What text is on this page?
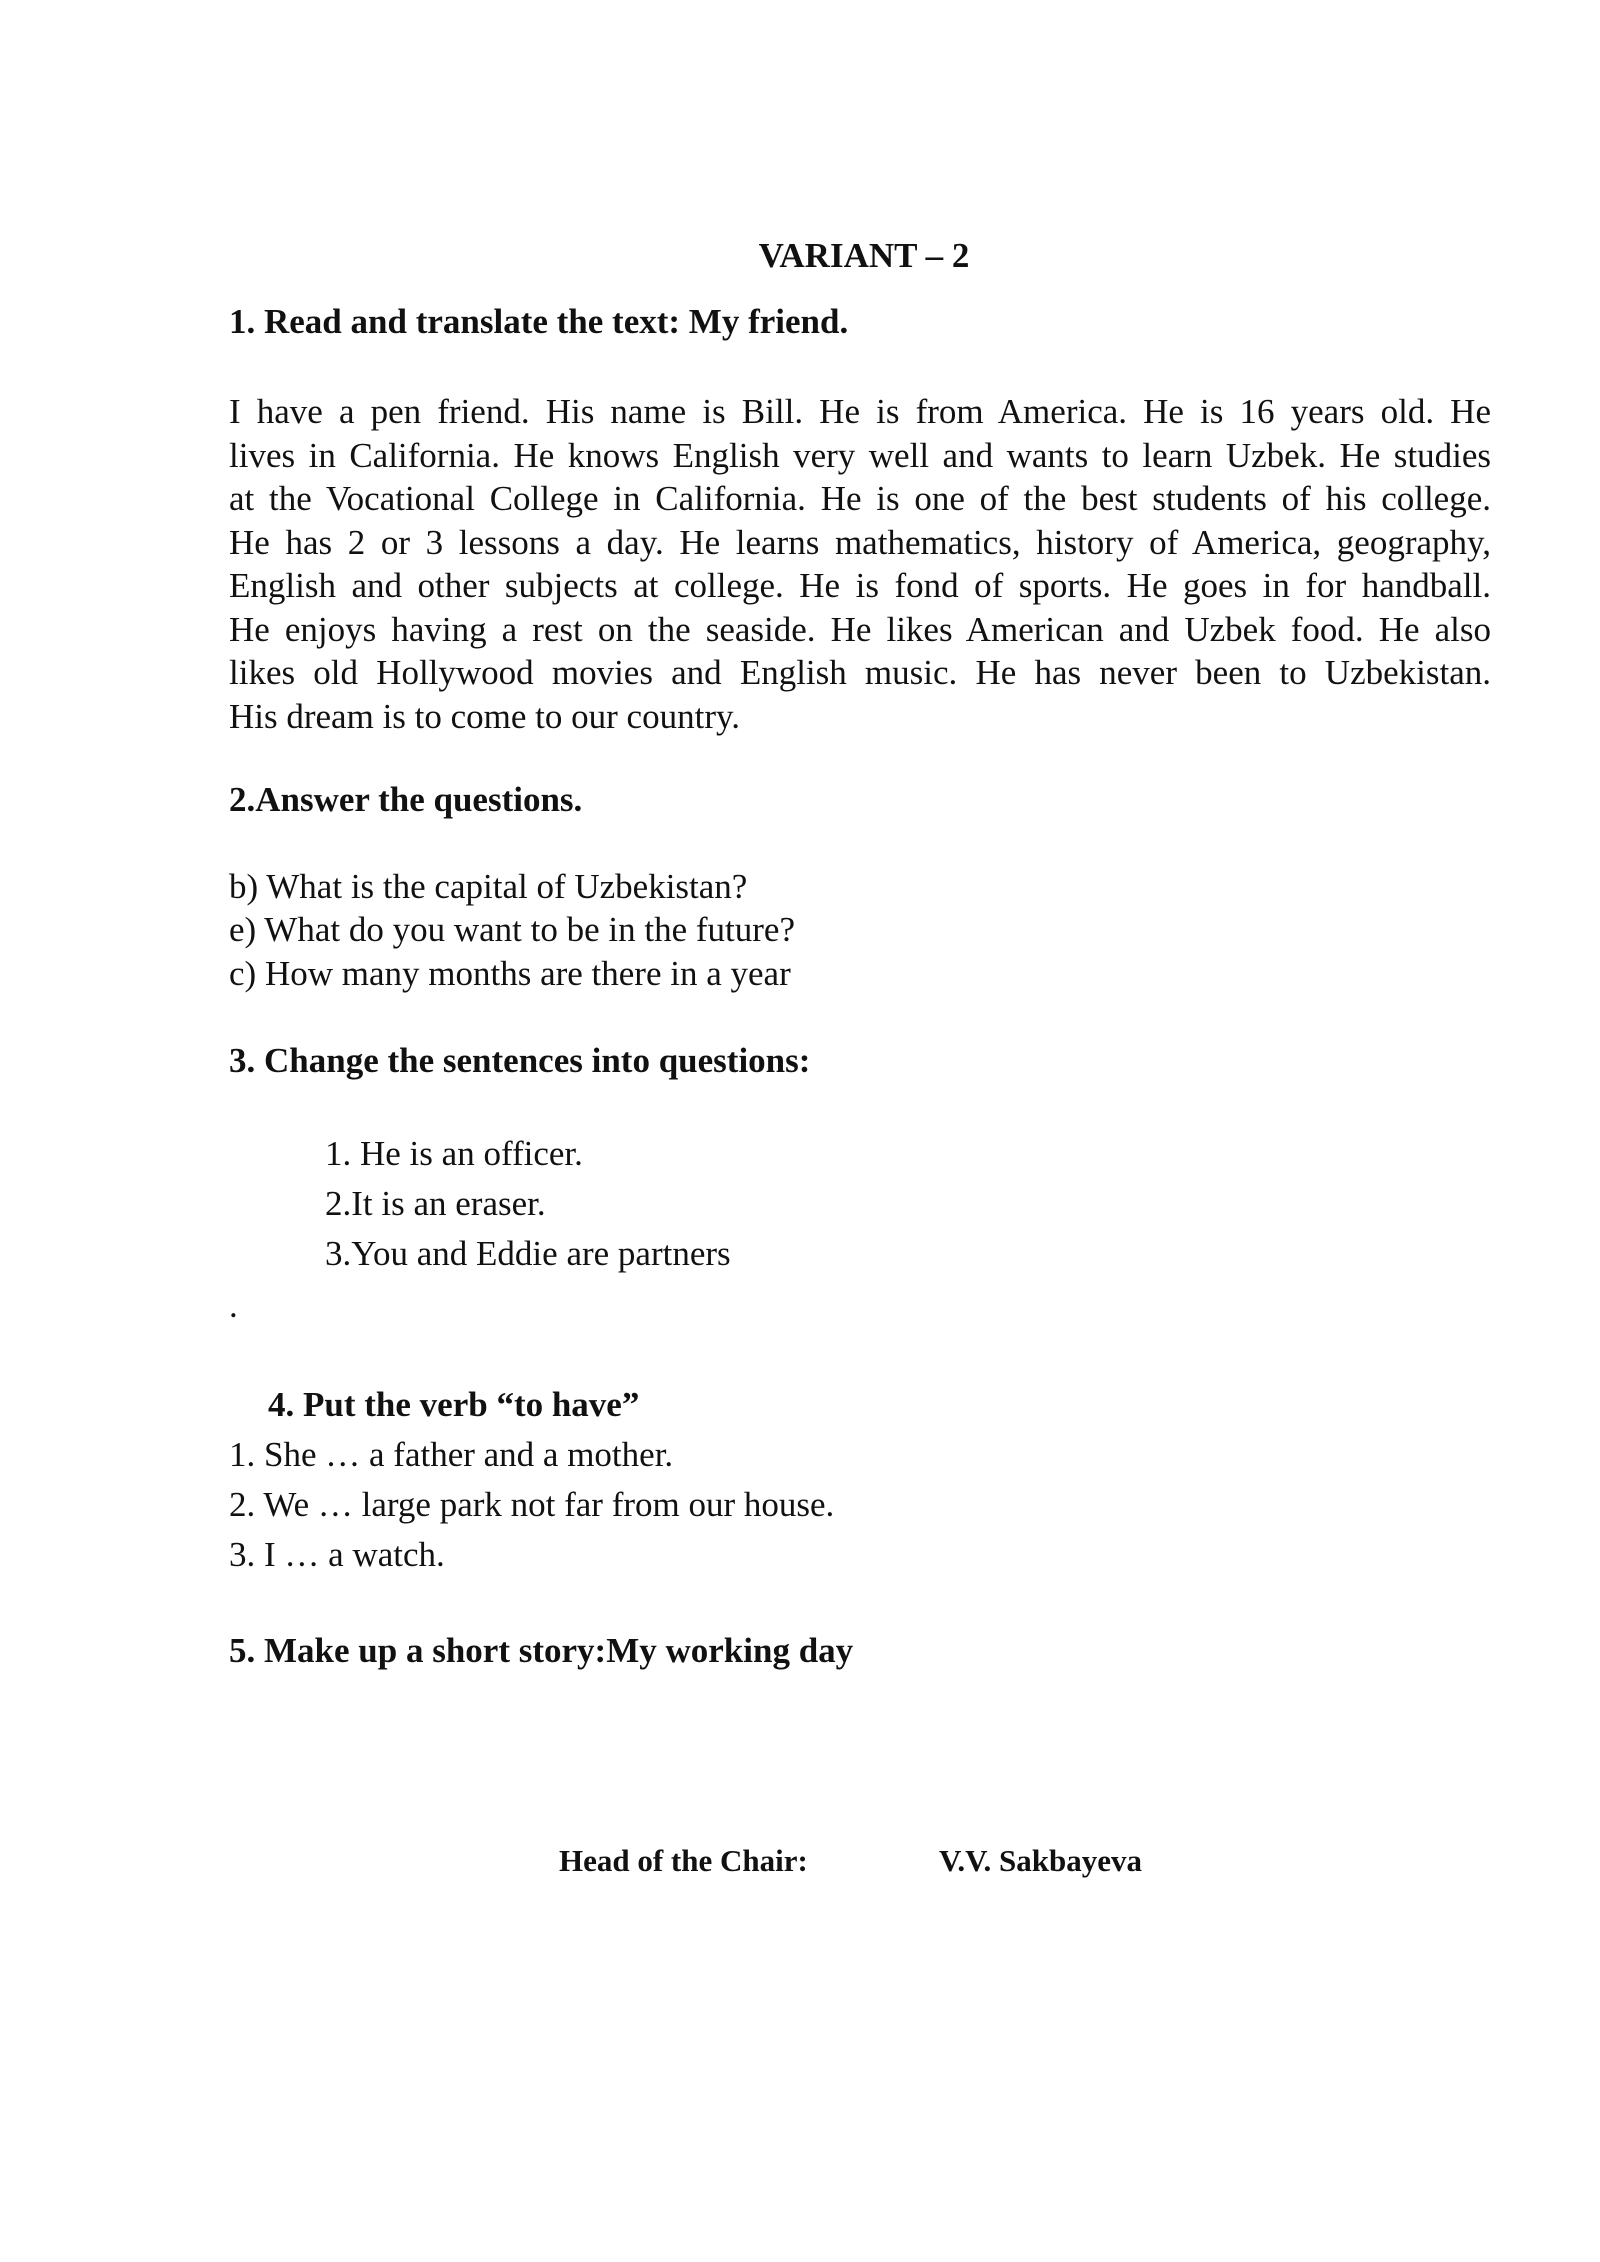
VARIANT – 2
1. Read and translate the text: My friend.
I have a pen friend. His name is Bill. He is from America. He is 16 years old. He
lives in California. He knows English very well and wants to learn Uzbek. He studies
at the Vocational College in California. He is one of the best students of his college.
He has 2 or 3 lessons a day. He learns mathematics, history of America, geography,
English and other subjects at college. He is fond of sports. He goes in for handball.
He enjoys having a rest on the seaside. He likes American and Uzbek food. He also
likes old Hollywood movies and English music. He has never been to Uzbekistan.
His dream is to come to our country.
2.Answer the questions.
b) What is the capital of Uzbekistan?
e) What do you want to be in the future?
c) How many months are there in a year
3. Change the sentences into questions:
1. He is an officer.
2.It is an eraser.
3.You and Eddie are partners
.
4. Put the verb “to have”
1. She … a father and a mother.
2. We … large park not far from our house.
3. I … a watch.
5. Make up a short story:My working day
Head of the Chair:	V.V. Sakbayeva
